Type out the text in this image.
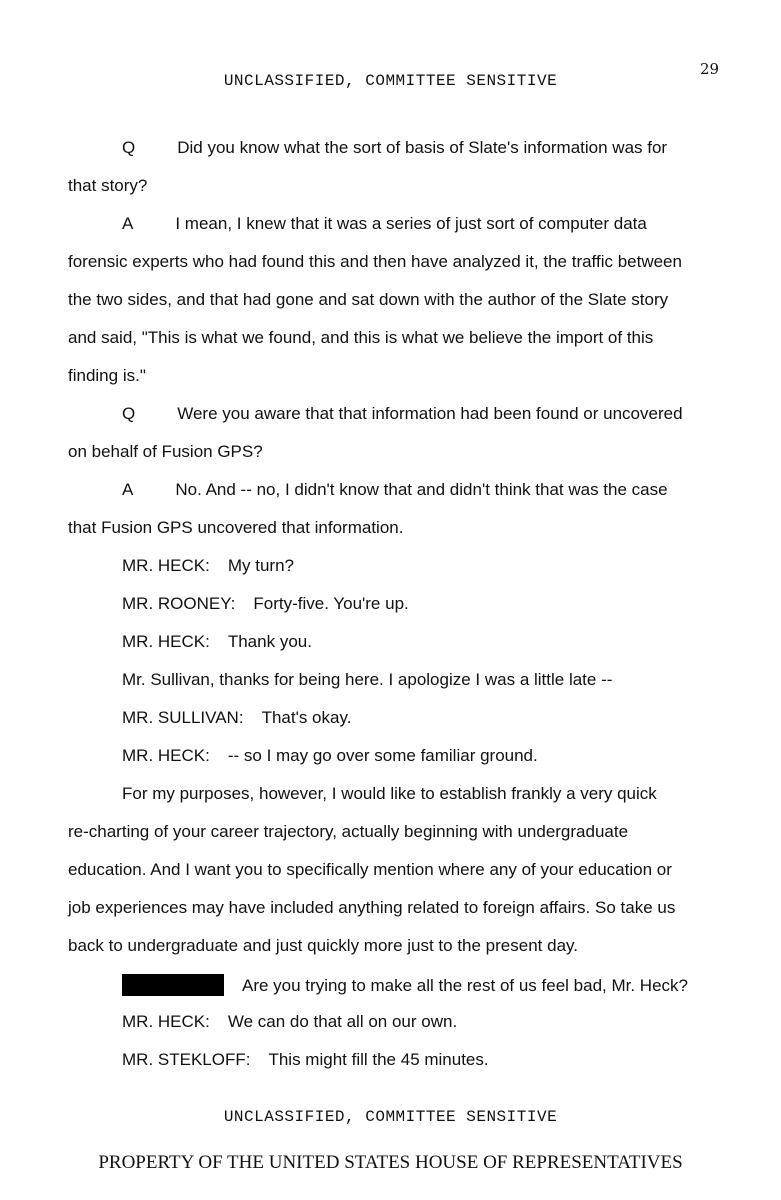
29
UNCLASSIFIED, COMMITTEE SENSITIVE
Q Did you know what the sort of basis of Slate's information was for
that story?
A I mean, I knew that it was a series of just sort of computer data
forensic experts who had found this and then have analyzed it, the traffic between
the two sides, and that had gone and sat down with the author of the Slate story
and said, "This is what we found, and this is what we believe the import of this
finding is."
Q Were you aware that that information had been found or uncovered
on behalf of Fusion GPS?
A No. And -- no, I didn't know that and didn't think that was the case
that Fusion GPS uncovered that information.
MR. HECK: My turn?
MR. ROONEY: Forty-five. You're up.
MR. HECK: Thank you.
Mr. Sullivan, thanks for being here. I apologize I was a little late --
MR. SULLIVAN: That's okay.
MR. HECK: -- so I may go over some familiar ground.
For my purposes, however, I would like to establish frankly a very quick
re-charting of your career trajectory, actually beginning with undergraduate
education. And I want you to specifically mention where any of your education or
job experiences may have included anything related to foreign affairs. So take us
back to undergraduate and just quickly more just to the present day.
Are you trying to make all the rest of us feel bad, Mr. Heck?
MR. HECK: We can do that all on our own.
MR. STEKLOFF: This might fill the 45 minutes.
UNCLASSIFIED, COMMITTEE SENSITIVE
PROPERTY OF THE UNITED STATES HOUSE OF REPRESENTATIVES
